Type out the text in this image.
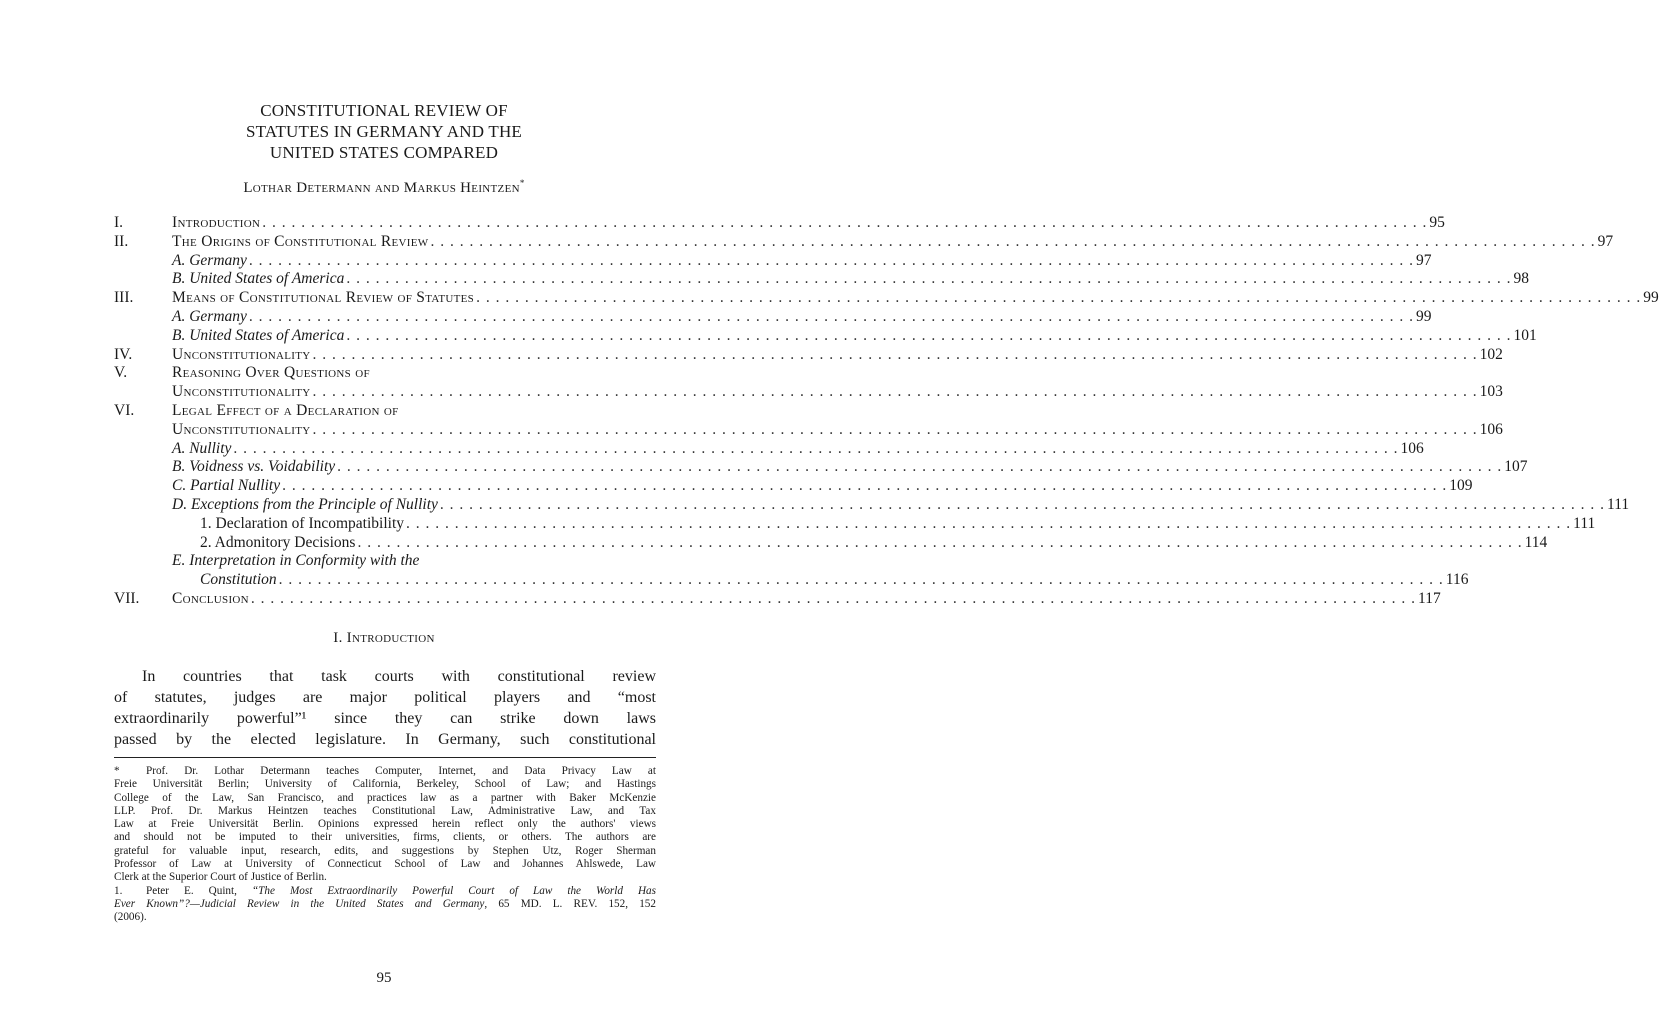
CONSTITUTIONAL REVIEW OF
STATUTES IN GERMANY AND THE
UNITED STATES COMPARED
Lothar Determann and Markus Heintzen*
I.	Introduction . . . . . . . . . . . . . . . . . . . . . . . . . . . . . . . . . . . . . . . . . . . . . . . . . . . . . . . . . . . . . . . . . . . . . . . . . . . . . . . . . . . . . . . . . . . . . . . . . . . . . . . . . . . . . . . . . . . . . . . . 95
II.	The Origins of Constitutional Review . . . . . . . . . . . . . . . . . . . . . . . . . . . . . . . . . . . . . . . . . . . . . . . . . . . . . . . . . . . . . . . . . . . . . . . . . . . . . . . . . . . . . . . . . . . . . . . . . . . . . . . . . . . . . . . . . . . . . . . . 97
A. Germany . . . . . . . . . . . . . . . . . . . . . . . . . . . . . . . . . . . . . . . . . . . . . . . . . . . . . . . . . . . . . . . . . . . . . . . . . . . . . . . . . . . . . . . . . . . . . . . . . . . . . . . . . . . . . . . . . . . . . . . . 97
B. United States of America . . . . . . . . . . . . . . . . . . . . . . . . . . . . . . . . . . . . . . . . . . . . . . . . . . . . . . . . . . . . . . . . . . . . . . . . . . . . . . . . . . . . . . . . . . . . . . . . . . . . . . . . . . . . . . . . . . . . . . . . 98
III. Means of Constitutional Review of Statutes . . . . . . . . . . . . . . . . . . . . . . . . . . . . . . . . . . . . . . . . . . . . . . . . . . . . . . . . . . . . . . . . . . . . . . . . . . . . . . . . . . . . . . . . . . . . . . . . . . . . . . . . . . . . . . . . . . . . . . . . 99
A. Germany . . . . . . . . . . . . . . . . . . . . . . . . . . . . . . . . . . . . . . . . . . . . . . . . . . . . . . . . . . . . . . . . . . . . . . . . . . . . . . . . . . . . . . . . . . . . . . . . . . . . . . . . . . . . . . . . . . . . . . . . 99
B. United States of America . . . . . . . . . . . . . . . . . . . . . . . . . . . . . . . . . . . . . . . . . . . . . . . . . . . . . . . . . . . . . . . . . . . . . . . . . . . . . . . . . . . . . . . . . . . . . . . . . . . . . . . . . . . . . . . . . . . . . . . . 101
IV.	Unconstitutionality . . . . . . . . . . . . . . . . . . . . . . . . . . . . . . . . . . . . . . . . . . . . . . . . . . . . . . . . . . . . . . . . . . . . . . . . . . . . . . . . . . . . . . . . . . . . . . . . . . . . . . . . . . . . . . . . . . . . . . . . 102
V.	Reasoning Over Questions of
Unconstitutionality . . . . . . . . . . . . . . . . . . . . . . . . . . . . . . . . . . . . . . . . . . . . . . . . . . . . . . . . . . . . . . . . . . . . . . . . . . . . . . . . . . . . . . . . . . . . . . . . . . . . . . . . . . . . . . . . . . . . . . . . 103
VI. Legal Effect of a Declaration of
Unconstitutionality . . . . . . . . . . . . . . . . . . . . . . . . . . . . . . . . . . . . . . . . . . . . . . . . . . . . . . . . . . . . . . . . . . . . . . . . . . . . . . . . . . . . . . . . . . . . . . . . . . . . . . . . . . . . . . . . . . . . . . . . 106
A. Nullity . . . . . . . . . . . . . . . . . . . . . . . . . . . . . . . . . . . . . . . . . . . . . . . . . . . . . . . . . . . . . . . . . . . . . . . . . . . . . . . . . . . . . . . . . . . . . . . . . . . . . . . . . . . . . . . . . . . . . . . . 106
B. Voidness vs. Voidability . . . . . . . . . . . . . . . . . . . . . . . . . . . . . . . . . . . . . . . . . . . . . . . . . . . . . . . . . . . . . . . . . . . . . . . . . . . . . . . . . . . . . . . . . . . . . . . . . . . . . . . . . . . . . . . . . . . . . . . . 107
C. Partial Nullity . . . . . . . . . . . . . . . . . . . . . . . . . . . . . . . . . . . . . . . . . . . . . . . . . . . . . . . . . . . . . . . . . . . . . . . . . . . . . . . . . . . . . . . . . . . . . . . . . . . . . . . . . . . . . . . . . . . . . . . . 109
D. Exceptions from the Principle of Nullity . . . . . . . . . . . . . . . . . . . . . . . . . . . . . . . . . . . . . . . . . . . . . . . . . . . . . . . . . . . . . . . . . . . . . . . . . . . . . . . . . . . . . . . . . . . . . . . . . . . . . . . . . . . . . . . . . . . . . . . . 111
1. Declaration of Incompatibility . . . . . . . . . . . . . . . . . . . . . . . . . . . . . . . . . . . . . . . . . . . . . . . . . . . . . . . . . . . . . . . . . . . . . . . . . . . . . . . . . . . . . . . . . . . . . . . . . . . . . . . . . . . . . . . . . . . . . . . . 111
2. Admonitory Decisions . . . . . . . . . . . . . . . . . . . . . . . . . . . . . . . . . . . . . . . . . . . . . . . . . . . . . . . . . . . . . . . . . . . . . . . . . . . . . . . . . . . . . . . . . . . . . . . . . . . . . . . . . . . . . . . . . . . . . . . . 114
E. Interpretation in Conformity with the
Constitution . . . . . . . . . . . . . . . . . . . . . . . . . . . . . . . . . . . . . . . . . . . . . . . . . . . . . . . . . . . . . . . . . . . . . . . . . . . . . . . . . . . . . . . . . . . . . . . . . . . . . . . . . . . . . . . . . . . . . . . . 116
VII. Conclusion . . . . . . . . . . . . . . . . . . . . . . . . . . . . . . . . . . . . . . . . . . . . . . . . . . . . . . . . . . . . . . . . . . . . . . . . . . . . . . . . . . . . . . . . . . . . . . . . . . . . . . . . . . . . . . . . . . . . . . . . 117
I. Introduction
In countries that task courts with constitutional review
of statutes, judges are major political players and “most
extraordinarily powerful”¹ since they can strike down laws
passed by the elected legislature. In Germany, such constitutional
* Prof. Dr. Lothar Determann teaches Computer, Internet, and Data Privacy Law at
Freie Universität Berlin; University of California, Berkeley, School of Law; and Hastings
College of the Law, San Francisco, and practices law as a partner with Baker McKenzie
LLP. Prof. Dr. Markus Heintzen teaches Constitutional Law, Administrative Law, and Tax
Law at Freie Universität Berlin. Opinions expressed herein reflect only the authors' views
and should not be imputed to their universities, firms, clients, or others. The authors are
grateful for valuable input, research, edits, and suggestions by Stephen Utz, Roger Sherman
Professor of Law at University of Connecticut School of Law and Johannes Ahlswede, Law
Clerk at the Superior Court of Justice of Berlin.
1. Peter E. Quint, “The Most Extraordinarily Powerful Court of Law the World Has
Ever Known”?—Judicial Review in the United States and Germany, 65 MD. L. REV. 152, 152
(2006).
95
